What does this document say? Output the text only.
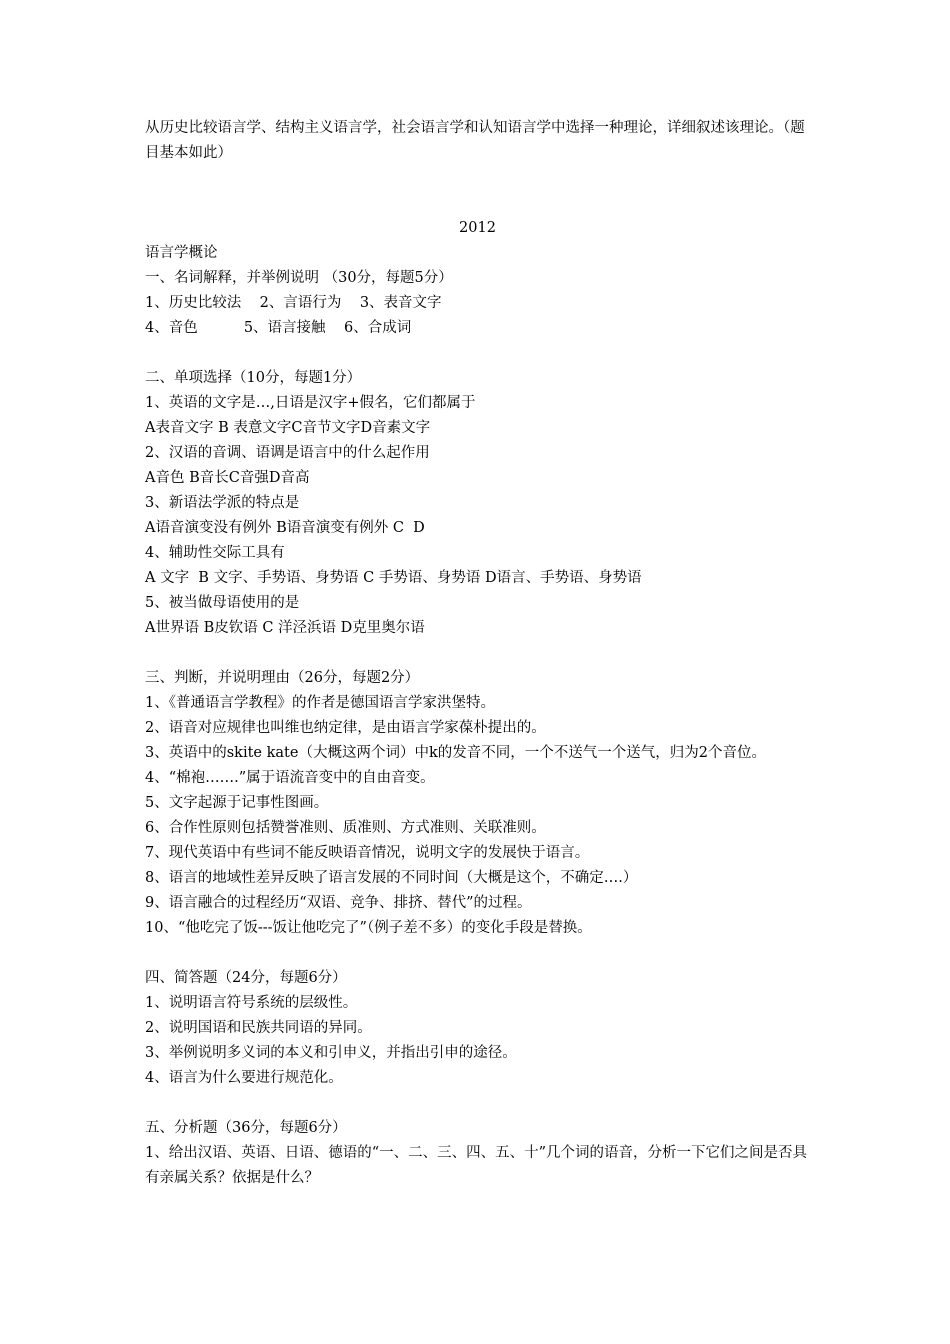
从历史比较语言学、结构主义语言学，社会语言学和认知语言学中选择一种理论，详细叙述该理论。（题目基本如此）

2012

语言学概论

一、名词解释，并举例说明 （30分，每题5分）

1、历史比较法    2、言语行为    3、表音文字

4、音色          5、语言接触    6、合成词

二、单项选择（10分，每题1分）

1、英语的文字是…,日语是汉字+假名，它们都属于

A表音文字 B 表意文字C音节文字D音素文字

2、汉语的音调、语调是语言中的什么起作用

A音色 B音长C音强D音高

3、新语法学派的特点是

A语音演变没有例外 B语音演变有例外 C  D

4、辅助性交际工具有

A 文字  B 文字、手势语、身势语 C 手势语、身势语 D语言、手势语、身势语

5、被当做母语使用的是

A世界语 B皮钦语 C 洋泾浜语 D克里奥尔语

三、判断，并说明理由（26分，每题2分）

1、《普通语言学教程》的作者是德国语言学家洪堡特。

2、语音对应规律也叫维也纳定律，是由语言学家葆朴提出的。

3、英语中的skite kate（大概这两个词）中k的发音不同，一个不送气一个送气，归为2个音位。

4、“棉袍…….”属于语流音变中的自由音变。

5、文字起源于记事性图画。

6、合作性原则包括赞誉准则、质准则、方式准则、关联准则。

7、现代英语中有些词不能反映语音情况，说明文字的发展快于语言。

8、语言的地域性差异反映了语言发展的不同时间（大概是这个，不确定….）

9、语言融合的过程经历“双语、竞争、排挤、替代”的过程。

10、“他吃完了饭---饭让他吃完了”（例子差不多）的变化手段是替换。

四、简答题（24分，每题6分）

1、说明语言符号系统的层级性。

2、说明国语和民族共同语的异同。

3、举例说明多义词的本义和引申义，并指出引申的途径。

4、语言为什么要进行规范化。

五、分析题（36分，每题6分）

1、给出汉语、英语、日语、德语的“一、二、三、四、五、十”几个词的语音，分析一下它们之间是否具有亲属关系？依据是什么？
